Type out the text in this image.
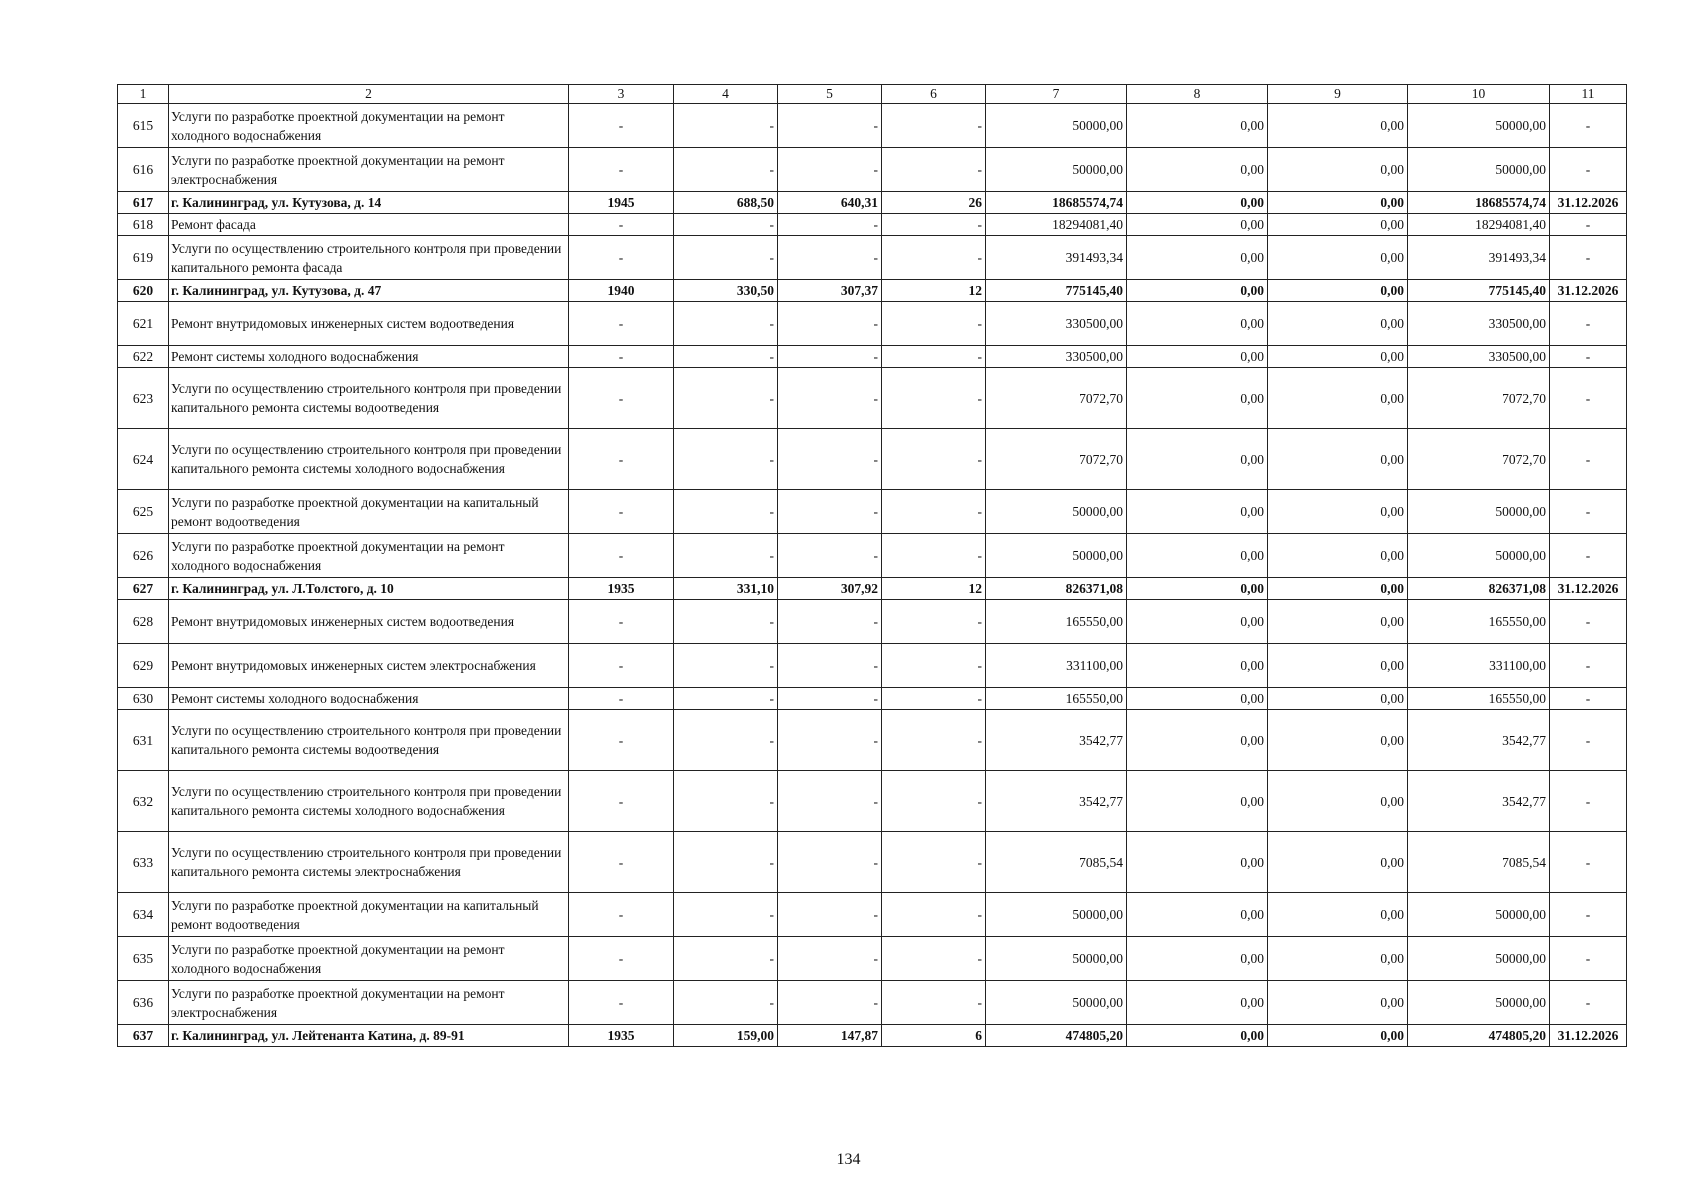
1	2	3	4	5	6	7	8	9	10	11
615	Услуги по разработке проектной документации на ремонт холодного водоснабжения	-	-	-	-	50000,00	0,00	0,00	50000,00	-
616	Услуги по разработке проектной документации на ремонт электроснабжения	-	-	-	-	50000,00	0,00	0,00	50000,00	-
617	г. Калининград, ул. Кутузова, д. 14	1945	688,50	640,31	26	18685574,74	0,00	0,00	18685574,74	31.12.2026
618	Ремонт фасада	-	-	-	-	18294081,40	0,00	0,00	18294081,40	-
619	Услуги по осуществлению строительного контроля при проведении капитального ремонта фасада	-	-	-	-	391493,34	0,00	0,00	391493,34	-
620	г. Калининград, ул. Кутузова, д. 47	1940	330,50	307,37	12	775145,40	0,00	0,00	775145,40	31.12.2026
621	Ремонт внутридомовых инженерных систем водоотведения	-	-	-	-	330500,00	0,00	0,00	330500,00	-
622	Ремонт системы холодного водоснабжения	-	-	-	-	330500,00	0,00	0,00	330500,00	-
623	Услуги по осуществлению строительного контроля при проведении капитального ремонта системы водоотведения	-	-	-	-	7072,70	0,00	0,00	7072,70	-
624	Услуги по осуществлению строительного контроля при проведении капитального ремонта системы холодного водоснабжения	-	-	-	-	7072,70	0,00	0,00	7072,70	-
625	Услуги по разработке проектной документации на капитальный ремонт водоотведения	-	-	-	-	50000,00	0,00	0,00	50000,00	-
626	Услуги по разработке проектной документации на ремонт холодного водоснабжения	-	-	-	-	50000,00	0,00	0,00	50000,00	-
627	г. Калининград, ул. Л.Толстого, д. 10	1935	331,10	307,92	12	826371,08	0,00	0,00	826371,08	31.12.2026
628	Ремонт внутридомовых инженерных систем водоотведения	-	-	-	-	165550,00	0,00	0,00	165550,00	-
629	Ремонт внутридомовых инженерных систем электроснабжения	-	-	-	-	331100,00	0,00	0,00	331100,00	-
630	Ремонт системы холодного водоснабжения	-	-	-	-	165550,00	0,00	0,00	165550,00	-
631	Услуги по осуществлению строительного контроля при проведении капитального ремонта системы водоотведения	-	-	-	-	3542,77	0,00	0,00	3542,77	-
632	Услуги по осуществлению строительного контроля при проведении капитального ремонта системы холодного водоснабжения	-	-	-	-	3542,77	0,00	0,00	3542,77	-
633	Услуги по осуществлению строительного контроля при проведении капитального ремонта системы электроснабжения	-	-	-	-	7085,54	0,00	0,00	7085,54	-
634	Услуги по разработке проектной документации на капитальный ремонт водоотведения	-	-	-	-	50000,00	0,00	0,00	50000,00	-
635	Услуги по разработке проектной документации на ремонт холодного водоснабжения	-	-	-	-	50000,00	0,00	0,00	50000,00	-
636	Услуги по разработке проектной документации на ремонт электроснабжения	-	-	-	-	50000,00	0,00	0,00	50000,00	-
637	г. Калининград, ул. Лейтенанта Катина, д. 89-91	1935	159,00	147,87	6	474805,20	0,00	0,00	474805,20	31.12.2026
134
